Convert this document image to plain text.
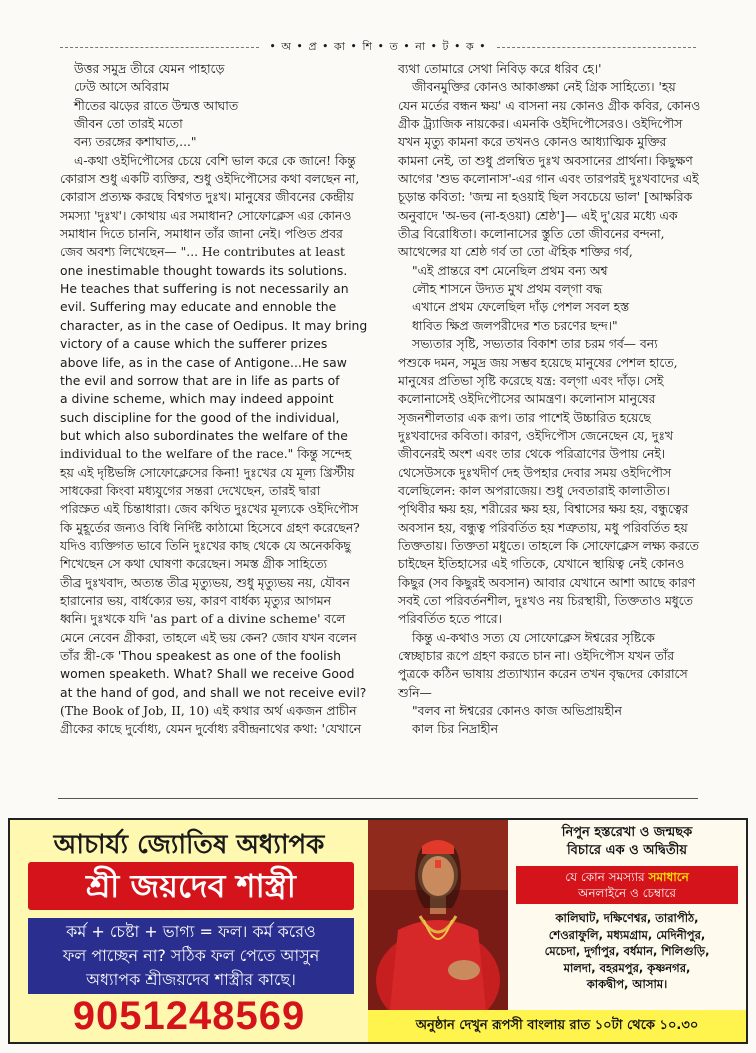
• অ • প্র • কা • শি • ত • না • ট • ক •

উত্তর সমুদ্র তীরে যেমন পাহাড়ে

ঢেউ আসে অবিরাম

শীতের ঝড়ের রাতে উন্মত্ত আঘাত

জীবন তো তারই মতো

বন্য তরঙ্গের কশাঘাত,..."

এ-কথা ওইদিপৌসের চেয়ে বেশি ভাল করে কে জানে! কিন্তু

কোরাস শুধু একটি ব্যক্তির, শুধু ওইদিপৌসের কথা বলছেন না,

কোরাস প্রত্যক্ষ করছে বিশ্বগত দুঃখ। মানুষের জীবনের কেন্দ্রীয়

সমস্যা 'দুঃখ'। কোথায় এর সমাধান? সোফোক্লেস এর কোনও

সমাধান দিতে চাননি, সমাধান তাঁর জানা নেই। পণ্ডিত প্রবর

জেব অবশ্য লিখেছেন— "... He contributes at least

one inestimable thought towards its solutions.

He teaches that suffering is not necessarily an

evil. Suffering may educate and ennoble the

character, as in the case of Oedipus. It may bring

victory of a cause which the sufferer prizes

above life, as in the case of Antigone...He saw

the evil and sorrow that are in life as parts of

a divine scheme, which may indeed appoint

such discipline for the good of the individual,

but which also subordinates the welfare of the

individual to the welfare of the race." কিন্তু সন্দেহ

হয় এই দৃষ্টিভঙ্গি সোফোক্লেসের কিনা! দুঃখের যে মূল্য খ্রিস্টীয়

সাধকেরা কিংবা মধ্যযুগের সন্তরা দেখেছেন, তারই দ্বারা

পরিস্রুত এই চিন্তাধারা। জেব কথিত দুঃখের মূল্যকে ওইদিপৌস

কি মুহূর্তের জন্যও বিধি নির্দিষ্ট কাঠামো হিসেবে গ্রহণ করেছেন?

যদিও ব্যক্তিগত ভাবে তিনি দুঃখের কাছ থেকে যে অনেককিছু

শিখেছেন সে কথা ঘোষণা করেছেন। সমস্ত গ্রীক সাহিত্যে

তীব্র দুঃখবাদ, অত্যন্ত তীব্র মৃত্যুভয়, শুধু মৃত্যুভয় নয়, যৌবন

হারানোর ভয়, বার্ধক্যের ভয়, কারণ বার্ধক্য মৃত্যুর আগমন

ধ্বনি। দুঃখকে যদি 'as part of a divine scheme' বলে

মেনে নেবেন গ্রীকরা, তাহলে এই ভয় কেন? জোব যখন বলেন

তাঁর স্ত্রী-কে 'Thou speakest as one of the foolish

women speaketh. What? Shall we receive Good

at the hand of god, and shall we not receive evil?

(The Book of Job, II, 10) এই কথার অর্থ একজন প্রাচীন

গ্রীকের কাছে দুর্বোধ্য, যেমন দুর্বোধ্য রবীন্দ্রনাথের কথা: 'যেখানে

ব্যথা তোমারে সেথা নিবিড় করে ধরিব হে।'

জীবনমুক্তির কোনও আকাঙ্ক্ষা নেই গ্রিক সাহিত্যে। 'হয়

যেন মর্তের বন্ধন ক্ষয়' এ বাসনা নয় কোনও গ্রীক কবির, কোনও

গ্রীক ট্র্যাজিক নায়কের। এমনকি ওইদিপৌসেরও। ওইদিপৌস

যখন মৃত্যু কামনা করে তখনও কোনও আধ্যাত্মিক মুক্তির

কামনা নেই, তা শুধু প্রলম্বিত দুঃখ অবসানের প্রার্থনা। কিছুক্ষণ

আগের 'শুভ কলোনাস'-এর গান এবং তারপরই দুঃখবাদের এই

চূড়ান্ত কবিতা: 'জন্ম না হওয়াই ছিল সবচেয়ে ভাল' [আক্ষরিক

অনুবাদে 'অ-ভব (না-হওয়া) শ্রেষ্ঠ']— এই দু'য়ের মধ্যে এক

তীব্র বিরোধিতা। কলোনাসের স্তুতি তো জীবনের বন্দনা,

আথেন্সের যা শ্রেষ্ঠ গর্ব তা তো ঐহিক শক্তির গর্ব,

"এই প্রান্তরে বশ মেনেছিল প্রথম বন্য অশ্ব

লৌহ শাসনে উদ্যত মুখ প্রথম বল্‌গা বদ্ধ

এখানে প্রথম ফেলেছিল দাঁড় পেশল সবল হস্ত

ধাবিত ক্ষিপ্র জলপরীদের শত চরণের ছন্দ।"

সভ্যতার সৃষ্টি, সভ্যতার বিকাশ তার চরম গর্ব— বন্য

পশুকে দমন, সমুদ্র জয় সম্ভব হয়েছে মানুষের পেশল হাতে,

মানুষের প্রতিভা সৃষ্টি করেছে যন্ত্র: বল্‌গা এবং দাঁড়। সেই

কলোনাসেই ওইদিপৌসের আমন্ত্রণ। কলোনাস মানুষের

সৃজনশীলতার এক রূপ। তার পাশেই উচ্চারিত হয়েছে

দুঃখবাদের কবিতা। কারণ, ওইদিপৌস জেনেছেন যে, দুঃখ

জীবনেরই অংশ এবং তার থেকে পরিত্রাণের উপায় নেই।

থেসেউসকে দুঃখদীর্ণ দেহ উপহার দেবার সময় ওইদিপৌস

বলেছিলেন: কাল অপরাজেয়। শুধু দেবতারাই কালাতীত।

পৃথিবীর ক্ষয় হয়, শরীরের ক্ষয় হয়, বিশ্বাসের ক্ষয় হয়, বন্ধুত্বের

অবসান হয়, বন্ধুত্ব পরিবর্তিত হয় শত্রুতায়, মধু পরিবর্তিত হয়

তিক্ততায়। তিক্ততা মধুতে। তাহলে কি সোফোক্লেস লক্ষ্য করতে

চাইছেন ইতিহাসের এই গতিকে, যেখানে স্থায়িত্ব নেই কোনও

কিছুর (সব কিছুরই অবসান) আবার যেখানে আশা আছে কারণ

সবই তো পরিবর্তনশীল, দুঃখও নয় চিরস্থায়ী, তিক্ততাও মধুতে

পরিবর্তিত হতে পারে।

কিন্তু এ-কথাও সত্য যে সোফোক্লেস ঈশ্বরের সৃষ্টিকে

স্বেচ্ছাচার রূপে গ্রহণ করতে চান না। ওইদিপৌস যখন তাঁর

পুত্রকে কঠিন ভাষায় প্রত্যাখ্যান করেন তখন বৃদ্ধদের কোরাসে

শুনি—

"বলব না ঈশ্বরের কোনও কাজ অভিপ্রায়হীন

কাল চির নিদ্রাহীন

আচার্য্য জ্যোতিষ অধ্যাপক
শ্রী জয়দেব শাস্ত্রী
কর্ম + চেষ্টা + ভাগ্য = ফল। কর্ম করেও
ফল পাচ্ছেন না? সঠিক ফল পেতে আসুন
অধ্যাপক শ্রীজয়দেব শাস্ত্রীর কাছে।
9051248569
নিপুন হস্তরেখা ও জন্মছক
বিচারে এক ও অদ্বিতীয়
যে কোন সমস্যার সমাধানে
অনলাইনে ও চেম্বারে
কালিঘাট, দক্ষিণেশ্বর, তারাপীঠ,
শেওরাফুলি, মধ্যমগ্রাম, মেদিনীপুর,
মেচেদা, দুর্গাপুর, বর্ধমান, শিলিগুড়ি,
মালদা, বহরমপুর, কৃষ্ণনগর,
কাকদ্বীপ, আসাম।
অনুষ্ঠান দেখুন রূপসী বাংলায় রাত ১০টা থেকে ১০.৩০
